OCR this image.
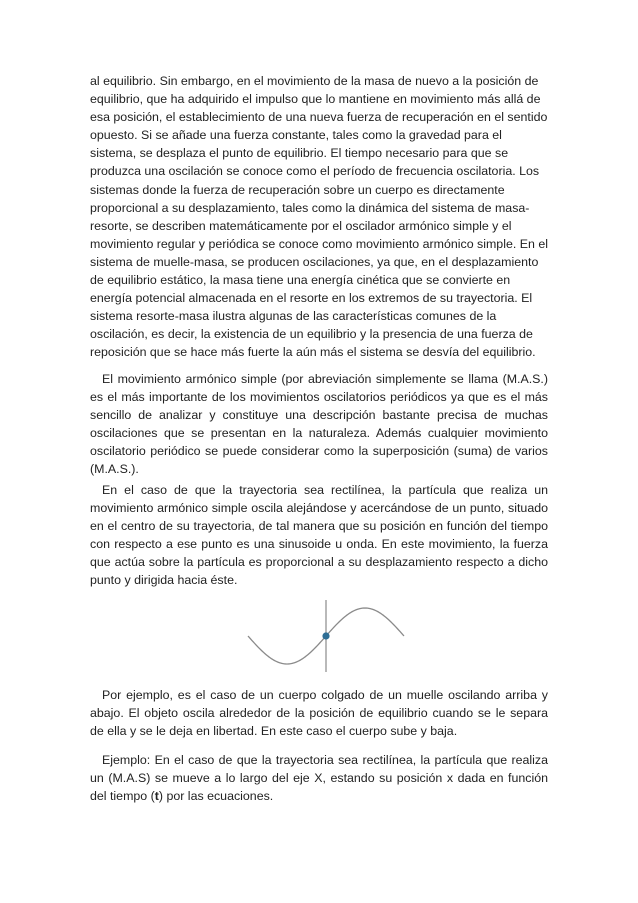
al equilibrio. Sin embargo, en el movimiento de la masa de nuevo a la posición de equilibrio, que ha adquirido el impulso que lo mantiene en movimiento más allá de esa posición, el establecimiento de una nueva fuerza de recuperación en el sentido opuesto. Si se añade una fuerza constante, tales como la gravedad para el sistema, se desplaza el punto de equilibrio. El tiempo necesario para que se produzca una oscilación se conoce como el período de frecuencia oscilatoria. Los sistemas donde la fuerza de recuperación sobre un cuerpo es directamente proporcional a su desplazamiento, tales como la dinámica del sistema de masa-resorte, se describen matemáticamente por el oscilador armónico simple y el movimiento regular y periódica se conoce como movimiento armónico simple. En el sistema de muelle-masa, se producen oscilaciones, ya que, en el desplazamiento de equilibrio estático, la masa tiene una energía cinética que se convierte en energía potencial almacenada en el resorte en los extremos de su trayectoria. El sistema resorte-masa ilustra algunas de las características comunes de la oscilación, es decir, la existencia de un equilibrio y la presencia de una fuerza de reposición que se hace más fuerte la aún más el sistema se desvía del equilibrio.

El movimiento armónico simple (por abreviación simplemente se llama (M.A.S.) es el más importante de los movimientos oscilatorios periódicos ya que es el más sencillo de analizar y constituye una descripción bastante precisa de muchas oscilaciones que se presentan en la naturaleza. Además cualquier movimiento oscilatorio periódico se puede considerar como la superposición (suma) de varios (M.A.S.).

En el caso de que la trayectoria sea rectilínea, la partícula que realiza un movimiento armónico simple oscila alejándose y acercándose de un punto, situado en el centro de su trayectoria, de tal manera que su posición en función del tiempo con respecto a ese punto es una sinusoide u onda. En este movimiento, la fuerza que actúa sobre la partícula es proporcional a su desplazamiento respecto a dicho punto y dirigida hacia éste.

Por ejemplo, es el caso de un cuerpo colgado de un muelle oscilando arriba y abajo. El objeto oscila alrededor de la posición de equilibrio cuando se le separa de ella y se le deja en libertad. En este caso el cuerpo sube y baja.

Ejemplo: En el caso de que la trayectoria sea rectilínea, la partícula que realiza un (M.A.S) se mueve a lo largo del eje X, estando su posición x dada en función del tiempo (t) por las ecuaciones.
